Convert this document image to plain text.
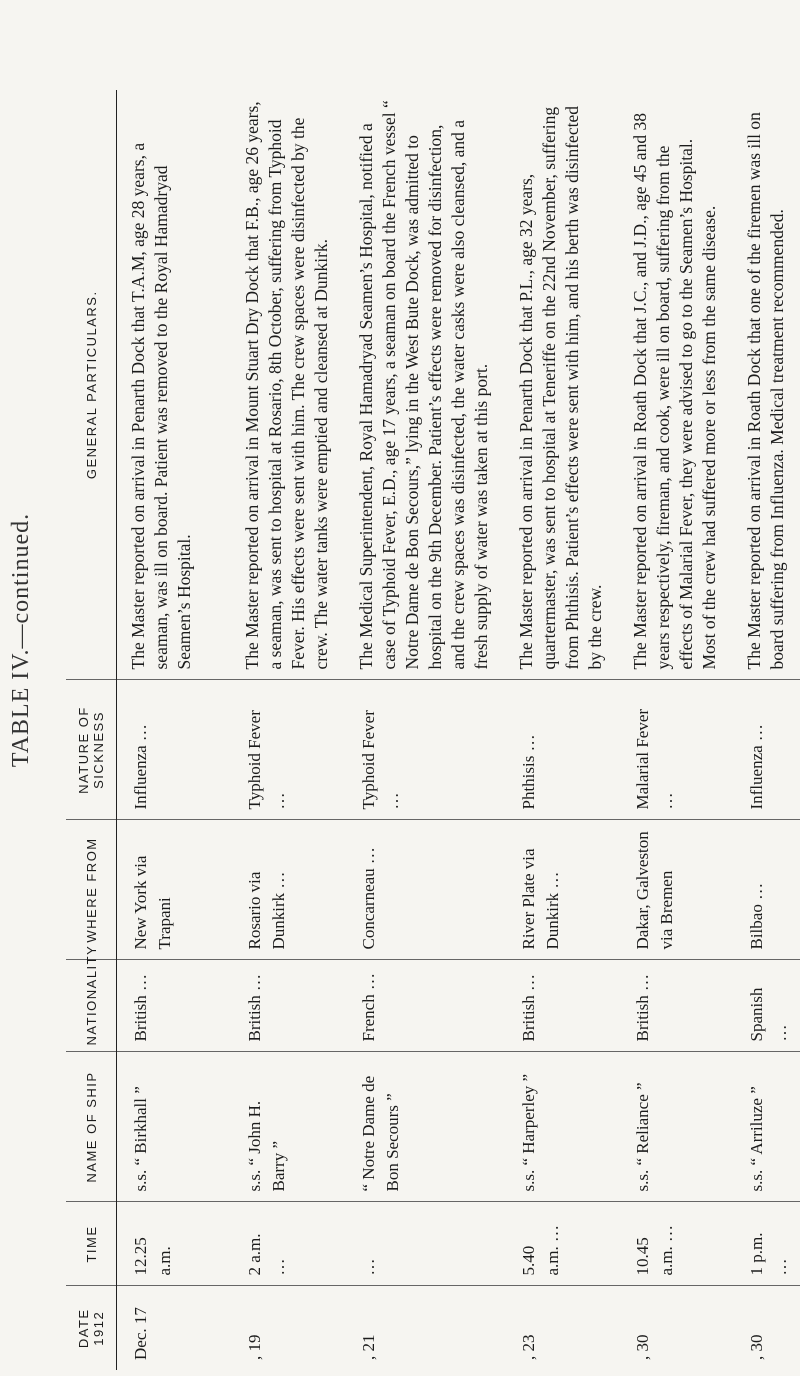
TABLE IV.—continued.
DATE 1912	TIME	NAME OF SHIP	NATIONALITY	WHERE FROM	NATURE OF SICKNESS	GENERAL PARTICULARS.
Dec. 17	12.25 a.m.	s.s. “ Birkhall ”	British …	New York via Trapani	Influenza …	The Master reported on arrival in Penarth Dock that T.A.M, age 28 years, a seaman, was ill on board. Patient was removed to the Royal Hamadryad Seamen’s Hospital.
, 19	2 a.m. …	s.s. “ John H. Barry ”	British …	Rosario via Dunkirk …	Typhoid Fever …	The Master reported on arrival in Mount Stuart Dry Dock that F.B., age 26 years, a seaman, was sent to hospital at Rosario, 8th October, suffering from Typhoid Fever. His effects were sent with him. The crew spaces were disinfected by the crew. The water tanks were emptied and cleansed at Dunkirk.
, 21	…	“ Notre Dame de Bon Secours ”	French …	Concarneau …	Typhoid Fever …	The Medical Superintendent, Royal Hamadryad Seamen’s Hospital, notified a case of Typhoid Fever, E.D., age 17 years, a seaman on board the French vessel “ Notre Dame de Bon Secours,” lying in the West Bute Dock, was admitted to hospital on the 9th December. Patient’s effects were removed for disinfection, and the crew spaces was disinfected, the water casks were also cleansed, and a fresh supply of water was taken at this port.
, 23	5.40 a.m. …	s.s. “ Harperley ”	British …	River Plate via Dunkirk …	Phthisis …	The Master reported on arrival in Penarth Dock that P.L., age 32 years, quartermaster, was sent to hospital at Teneriffe on the 22nd November, suffering from Phthisis. Patient’s effects were sent with him, and his berth was disinfected by the crew.
, 30	10.45 a.m. …	s.s. “ Reliance ”	British …	Dakar, Galveston via Bremen	Malarial Fever …	The Master reported on arrival in Roath Dock that J.C., and J.D., age 45 and 38 years respectively, fireman, and cook, were ill on board, suffering from the effects of Malarial Fever, they were advised to go to the Seamen’s Hospital. Most of the crew had suffered more or less from the same disease.
, 30	1 p.m. …	s.s. “ Arriluze ”	Spanish …	Bilbao …	Influenza …	The Master reported on arrival in Roath Dock that one of the firemen was ill on board suffering from Influenza. Medical treatment recommended.
